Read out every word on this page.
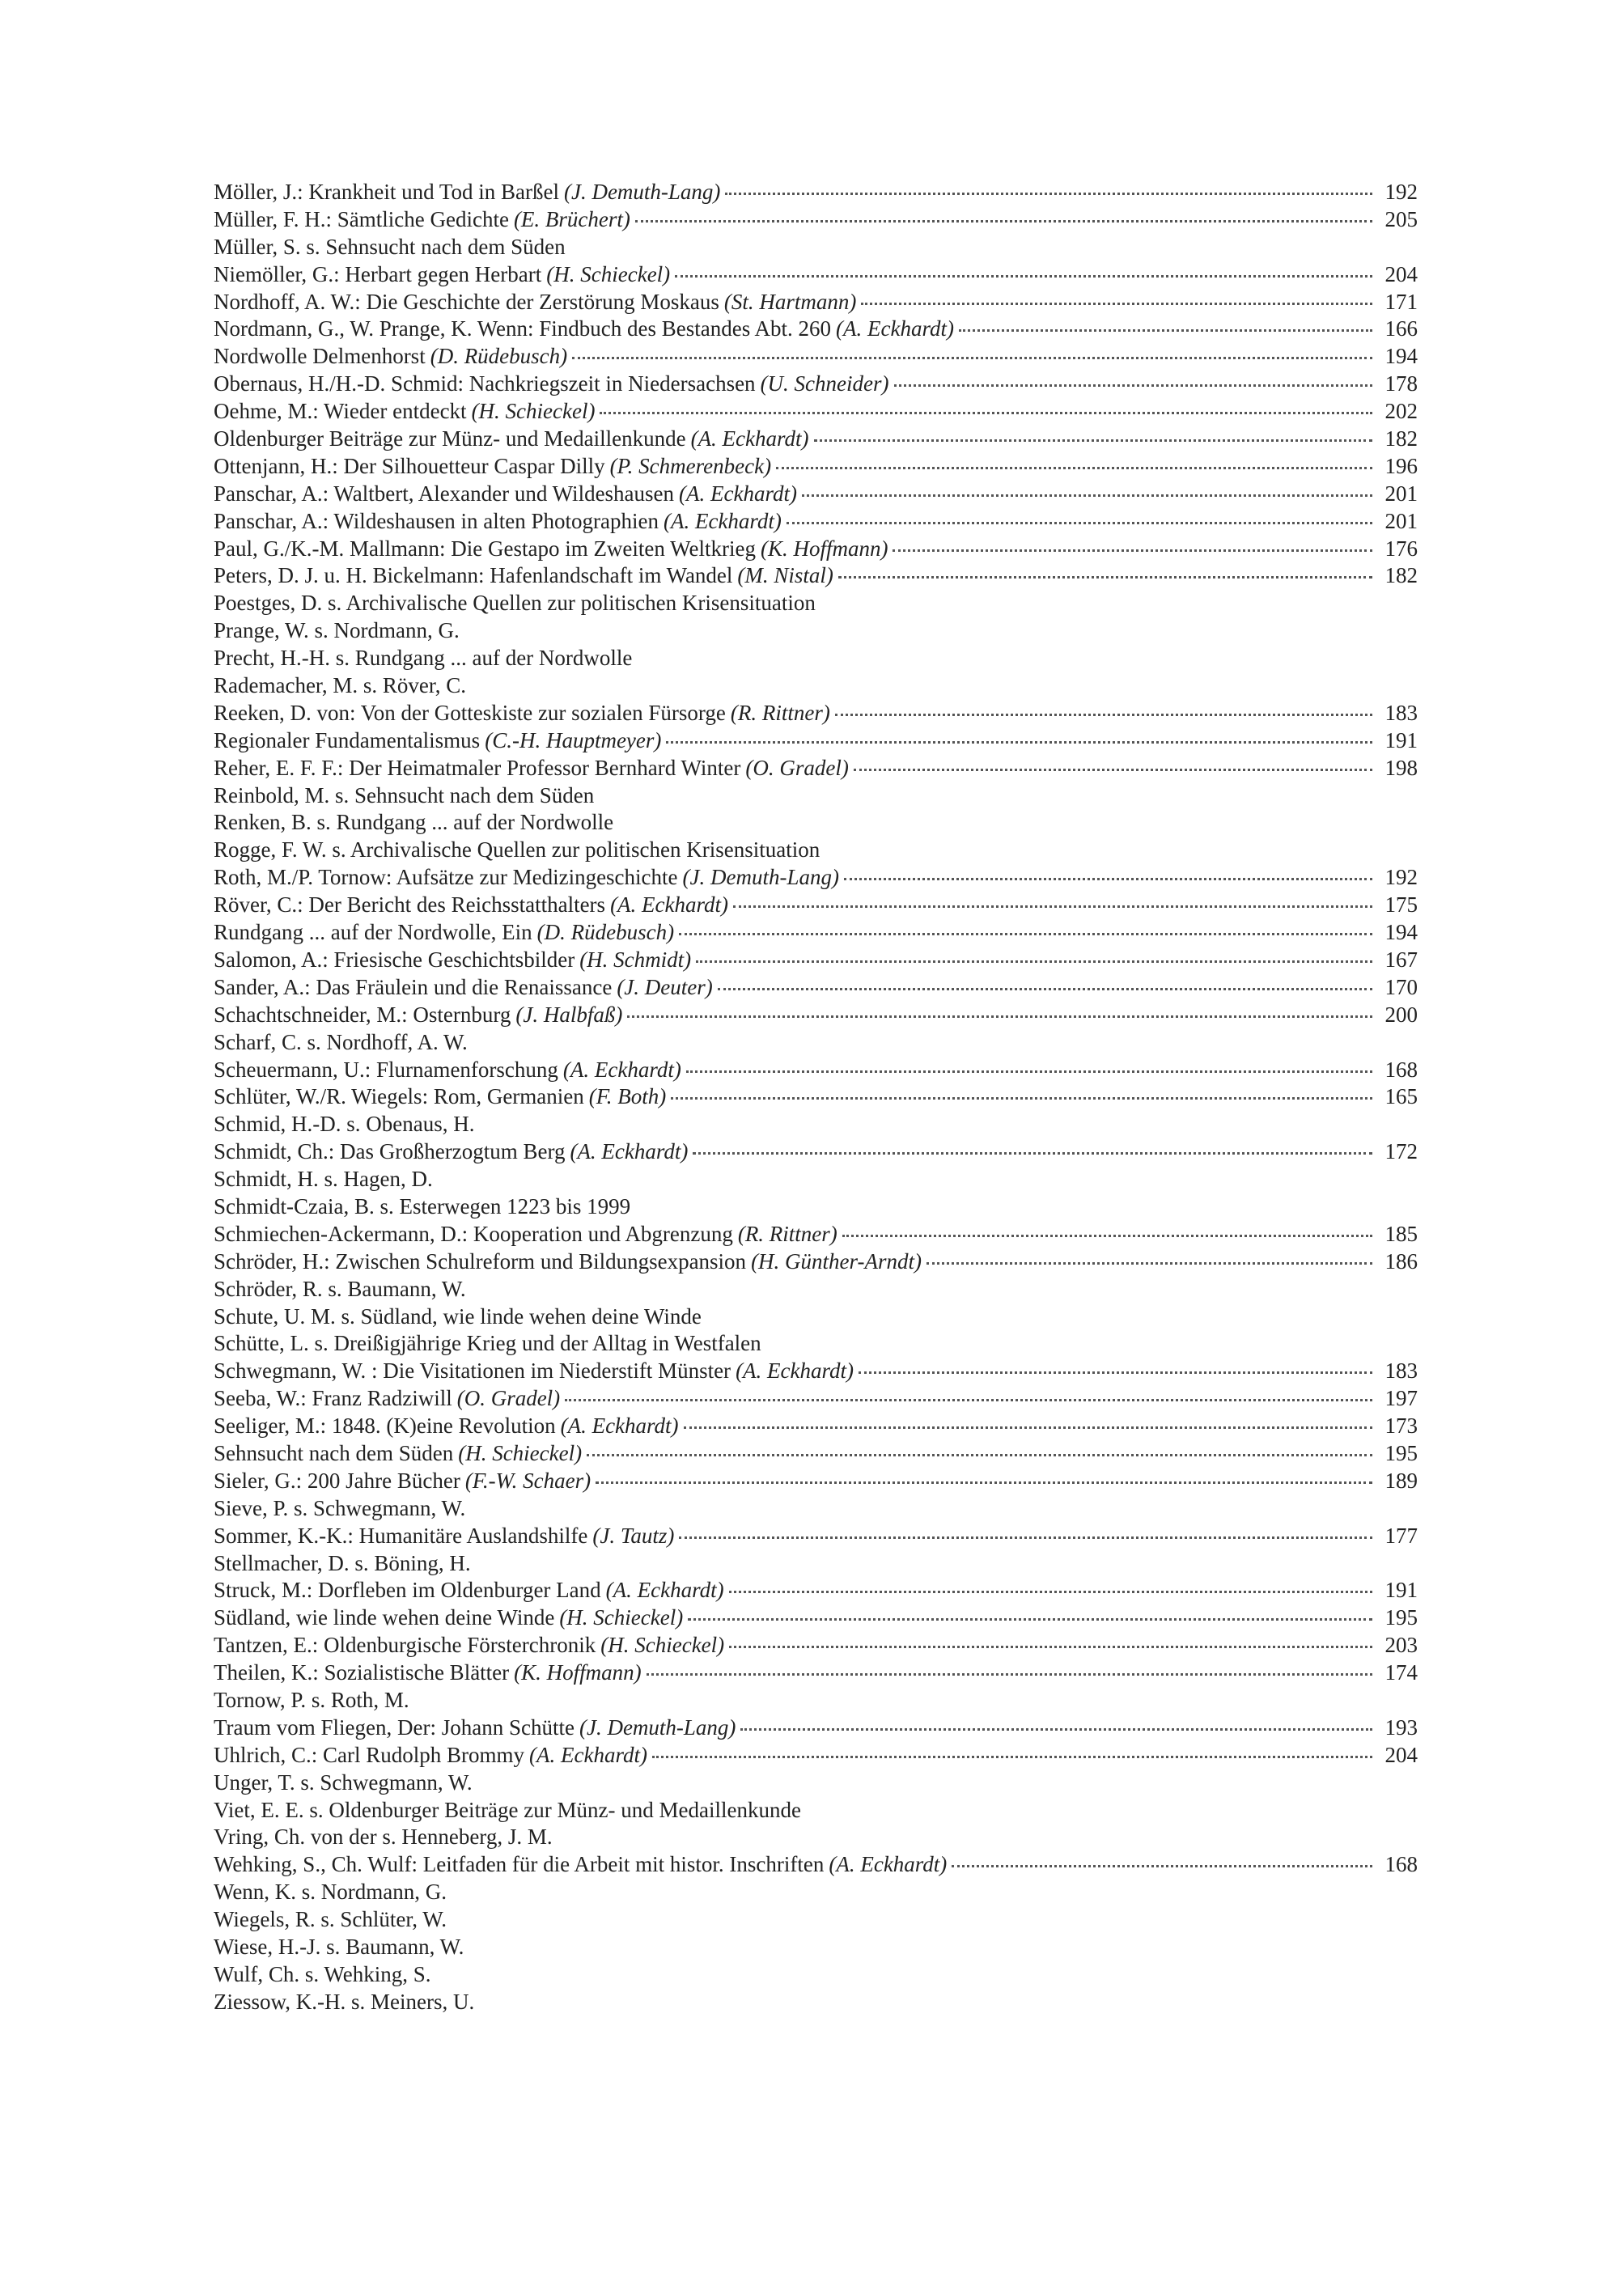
Möller, J.: Krankheit und Tod in Barßel (J. Demuth-Lang)	192
Müller, F. H.: Sämtliche Gedichte (E. Brüchert)	205
Müller, S. s. Sehnsucht nach dem Süden
Niemöller, G.: Herbart gegen Herbart (H. Schieckel)	204
Nordhoff, A. W.: Die Geschichte der Zerstörung Moskaus (St. Hartmann)	171
Nordmann, G., W. Prange, K. Wenn: Findbuch des Bestandes Abt. 260 (A. Eckhardt)	166
Nordwolle Delmenhorst (D. Rüdebusch)	194
Obernaus, H./H.-D. Schmid: Nachkriegszeit in Niedersachsen (U. Schneider)	178
Oehme, M.: Wieder entdeckt (H. Schieckel)	202
Oldenburger Beiträge zur Münz- und Medaillenkunde (A. Eckhardt)	182
Ottenjann, H.: Der Silhouetteur Caspar Dilly (P. Schmerenbeck)	196
Panschar, A.: Waltbert, Alexander und Wildeshausen (A. Eckhardt)	201
Panschar, A.: Wildeshausen in alten Photographien (A. Eckhardt)	201
Paul, G./K.-M. Mallmann: Die Gestapo im Zweiten Weltkrieg (K. Hoffmann)	176
Peters, D. J. u. H. Bickelmann: Hafenlandschaft im Wandel (M. Nistal)	182
Poestges, D. s. Archivalische Quellen zur politischen Krisensituation
Prange, W. s. Nordmann, G.
Precht, H.-H. s. Rundgang ... auf der Nordwolle
Rademacher, M. s. Röver, C.
Reeken, D. von: Von der Gotteskiste zur sozialen Fürsorge (R. Rittner)	183
Regionaler Fundamentalismus (C.-H. Hauptmeyer)	191
Reher, E. F. F.: Der Heimatmaler Professor Bernhard Winter (O. Gradel)	198
Reinbold, M. s. Sehnsucht nach dem Süden
Renken, B. s. Rundgang ... auf der Nordwolle
Rogge, F. W. s. Archivalische Quellen zur politischen Krisensituation
Roth, M./P. Tornow: Aufsätze zur Medizingeschichte (J. Demuth-Lang)	192
Röver, C.: Der Bericht des Reichsstatthalters (A. Eckhardt)	175
Rundgang ... auf der Nordwolle, Ein (D. Rüdebusch)	194
Salomon, A.: Friesische Geschichtsbilder (H. Schmidt)	167
Sander, A.: Das Fräulein und die Renaissance (J. Deuter)	170
Schachtschneider, M.: Osternburg (J. Halbfaß)	200
Scharf, C. s. Nordhoff, A. W.
Scheuermann, U.: Flurnamenforschung (A. Eckhardt)	168
Schlüter, W./R. Wiegels: Rom, Germanien (F. Both)	165
Schmid, H.-D. s. Obenaus, H.
Schmidt, Ch.: Das Großherzogtum Berg (A. Eckhardt)	172
Schmidt, H. s. Hagen, D.
Schmidt-Czaia, B. s. Esterwegen 1223 bis 1999
Schmiechen-Ackermann, D.: Kooperation und Abgrenzung (R. Rittner)	185
Schröder, H.: Zwischen Schulreform und Bildungsexpansion (H. Günther-Arndt)	186
Schröder, R. s. Baumann, W.
Schute, U. M. s. Südland, wie linde wehen deine Winde
Schütte, L. s. Dreißigjährige Krieg und der Alltag in Westfalen
Schwegmann, W. : Die Visitationen im Niederstift Münster (A. Eckhardt)	183
Seeba, W.: Franz Radziwill (O. Gradel)	197
Seeliger, M.: 1848. (K)eine Revolution (A. Eckhardt)	173
Sehnsucht nach dem Süden (H. Schieckel)	195
Sieler, G.: 200 Jahre Bücher (F.-W. Schaer)	189
Sieve, P. s. Schwegmann, W.
Sommer, K.-K.: Humanitäre Auslandshilfe (J. Tautz)	177
Stellmacher, D. s. Böning, H.
Struck, M.: Dorfleben im Oldenburger Land (A. Eckhardt)	191
Südland, wie linde wehen deine Winde (H. Schieckel)	195
Tantzen, E.: Oldenburgische Försterchronik (H. Schieckel)	203
Theilen, K.: Sozialistische Blätter (K. Hoffmann)	174
Tornow, P. s. Roth, M.
Traum vom Fliegen, Der: Johann Schütte (J. Demuth-Lang)	193
Uhlrich, C.: Carl Rudolph Brommy (A. Eckhardt)	204
Unger, T. s. Schwegmann, W.
Viet, E. E. s. Oldenburger Beiträge zur Münz- und Medaillenkunde
Vring, Ch. von der s. Henneberg, J. M.
Wehking, S., Ch. Wulf: Leitfaden für die Arbeit mit histor. Inschriften (A. Eckhardt)	168
Wenn, K. s. Nordmann, G.
Wiegels, R. s. Schlüter, W.
Wiese, H.-J. s. Baumann, W.
Wulf, Ch. s. Wehking, S.
Ziessow, K.-H. s. Meiners, U.
